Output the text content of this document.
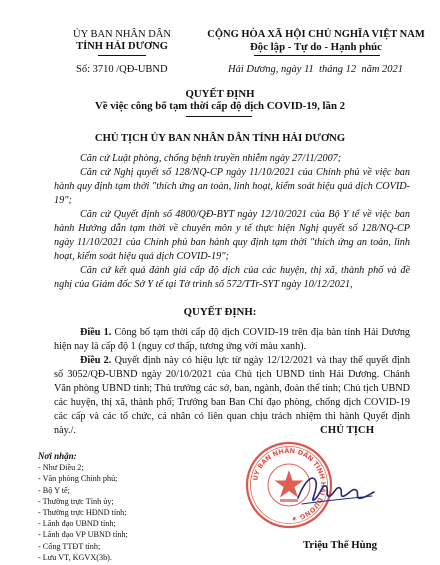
ỦY BAN NHÂN DÂN
TỈNH HẢI DƯƠNG
Số: 3710 /QĐ-UBND
CỘNG HÒA XÃ HỘI CHỦ NGHĨA VIỆT NAM
Độc lập - Tự do - Hạnh phúc
Hải Dương, ngày 11  tháng 12  năm 2021
QUYẾT ĐỊNH
Về việc công bố tạm thời cấp độ dịch COVID-19, lần 2
CHỦ TỊCH ỦY BAN NHÂN DÂN TỈNH HẢI DƯƠNG
Căn cứ Luật phòng, chống bệnh truyền nhiễm ngày 27/11/2007;
Căn cứ Nghị quyết số 128/NQ-CP ngày 11/10/2021 của Chính phủ về việc ban hành quy định tạm thời "thích ứng an toàn, linh hoạt, kiểm soát hiệu quả dịch COVID-19";
Căn cứ Quyết định số 4800/QĐ-BYT ngày 12/10/2021 của Bộ Y tế về việc ban hành Hướng dẫn tạm thời về chuyên môn y tế thực hiện Nghị quyết số 128/NQ-CP ngày 11/10/2021 của Chính phủ ban hành quy định tạm thời "thích ứng an toàn, linh hoạt, kiểm soát hiệu quả dịch COVID-19";
Căn cứ kết quả đánh giá cấp độ dịch của các huyện, thị xã, thành phố và đề nghị của Giám đốc Sở Y tế tại Tờ trình số 572/TTr-SYT ngày 10/12/2021,
QUYẾT ĐỊNH:
Điều 1. Công bố tạm thời cấp độ dịch COVID-19 trên địa bàn tỉnh Hải Dương hiện nay là cấp độ 1 (nguy cơ thấp, tương ứng với màu xanh).
Điều 2. Quyết định này có hiệu lực từ ngày 12/12/2021 và thay thế quyết định số 3052/QĐ-UBND ngày 20/10/2021 của Chủ tịch UBND tỉnh Hải Dương. Chánh Văn phòng UBND tỉnh; Thủ trưởng các sở, ban, ngành, đoàn thể tỉnh; Chủ tịch UBND các huyện, thị xã, thành phố; Trưởng ban Ban Chỉ đạo phòng, chống dịch COVID-19 các cấp và các tổ chức, cá nhân có liên quan chịu trách nhiệm thi hành Quyết định này./.
Nơi nhận:
- Như Điều 2;
- Văn phòng Chính phủ;
- Bộ Y tế;
- Thường trực Tỉnh ủy;
- Thường trực HĐND tỉnh;
- Lãnh đạo UBND tỉnh;
- Lãnh đạo VP UBND tỉnh;
- Cổng TTĐT tỉnh;
- Lưu VT, KGVX(3b).
CHỦ TỊCH
ỦY BAN NHÂN DÂN TỈNH HẢI DƯƠNG ★
Triệu Thế Hùng
